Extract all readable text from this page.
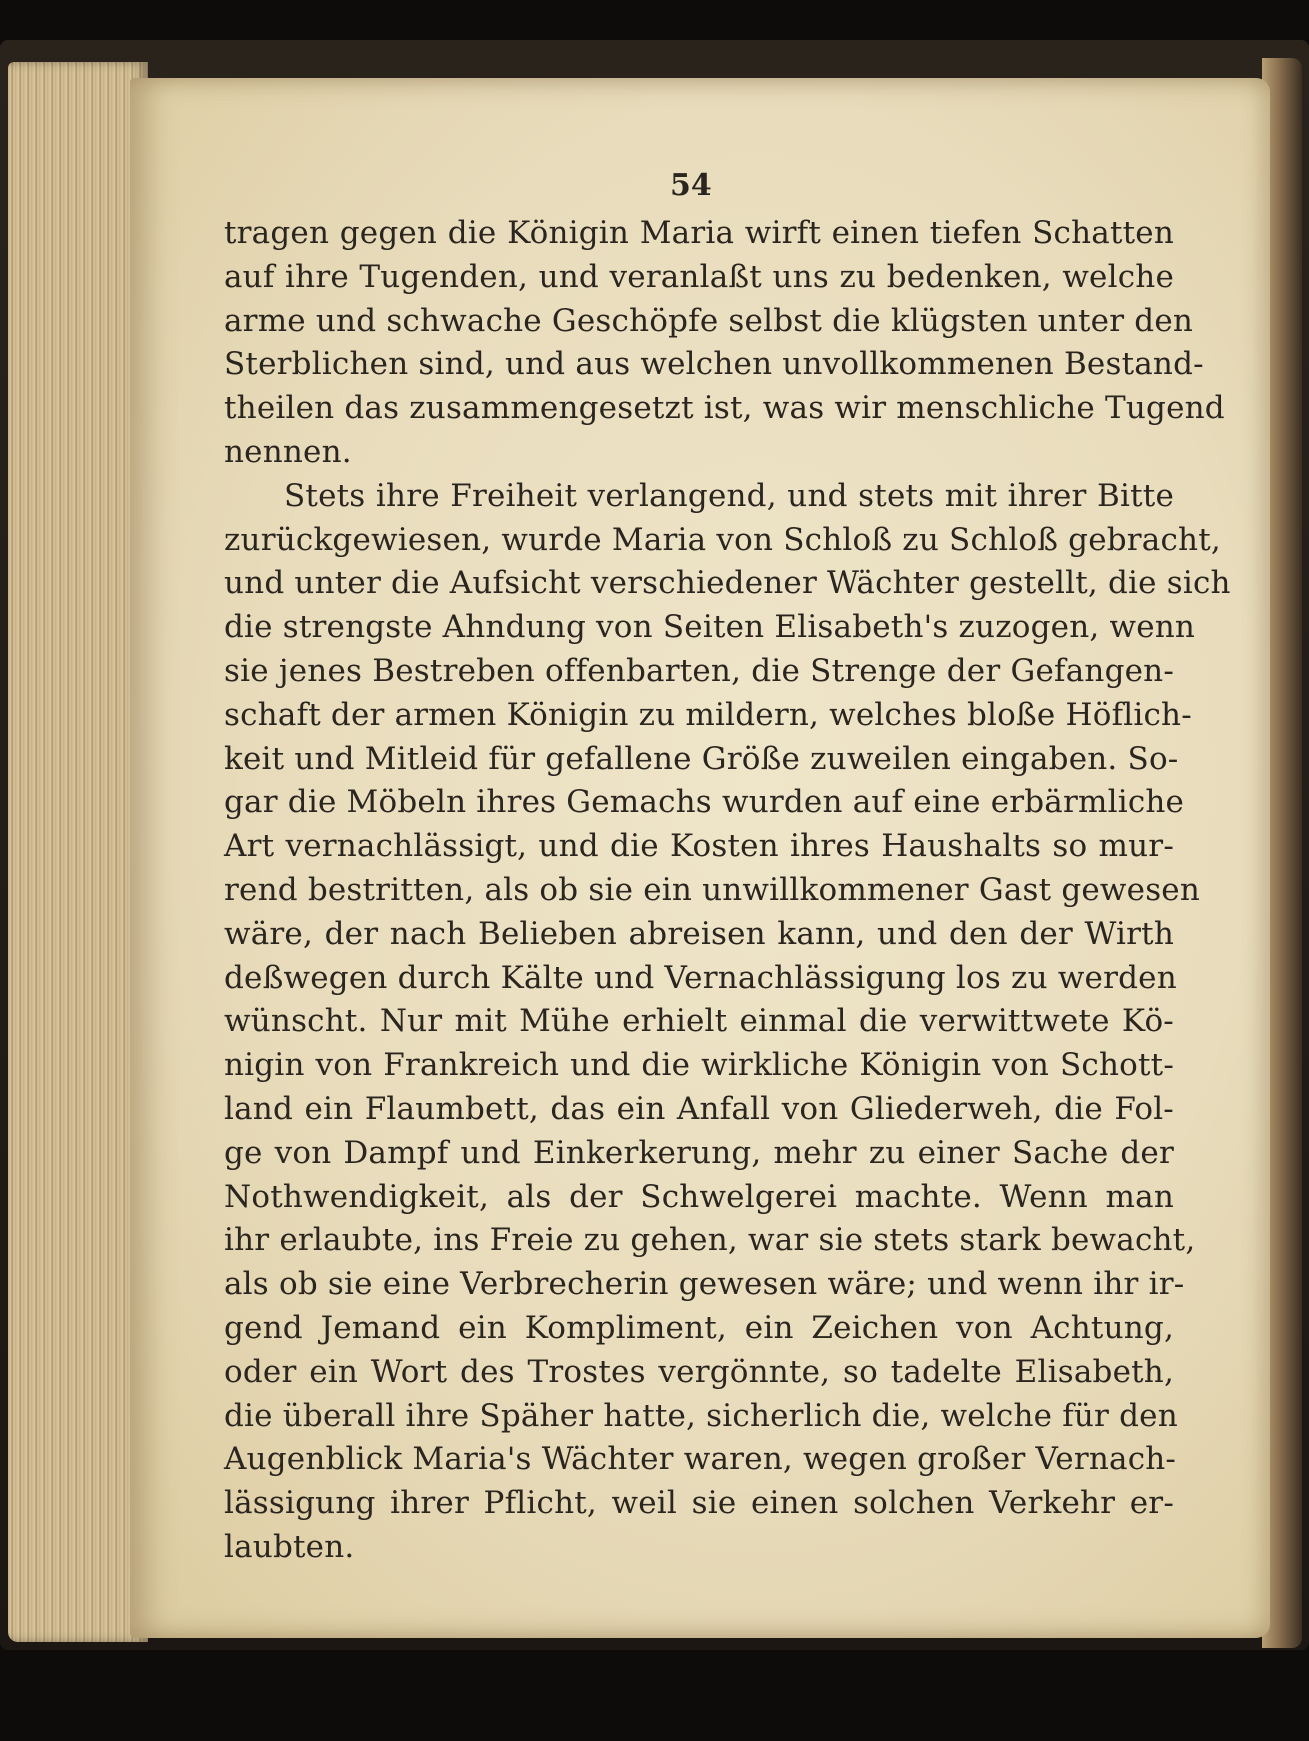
54
tragen gegen die Königin Maria wirft einen tiefen Schatten
auf ihre Tugenden, und veranlaßt uns zu bedenken, welche
arme und schwache Geschöpfe selbst die klügsten unter den
Sterblichen sind, und aus welchen unvollkommenen Bestand-
theilen das zusammengesetzt ist, was wir menschliche Tugend
nennen.
Stets ihre Freiheit verlangend, und stets mit ihrer Bitte
zurückgewiesen, wurde Maria von Schloß zu Schloß gebracht,
und unter die Aufsicht verschiedener Wächter gestellt, die sich
die strengste Ahndung von Seiten Elisabeth's zuzogen, wenn
sie jenes Bestreben offenbarten, die Strenge der Gefangen-
schaft der armen Königin zu mildern, welches bloße Höflich-
keit und Mitleid für gefallene Größe zuweilen eingaben. So-
gar die Möbeln ihres Gemachs wurden auf eine erbärmliche
Art vernachlässigt, und die Kosten ihres Haushalts so mur-
rend bestritten, als ob sie ein unwillkommener Gast gewesen
wäre, der nach Belieben abreisen kann, und den der Wirth
deßwegen durch Kälte und Vernachlässigung los zu werden
wünscht. Nur mit Mühe erhielt einmal die verwittwete Kö-
nigin von Frankreich und die wirkliche Königin von Schott-
land ein Flaumbett, das ein Anfall von Gliederweh, die Fol-
ge von Dampf und Einkerkerung, mehr zu einer Sache der
Nothwendigkeit, als der Schwelgerei machte. Wenn man
ihr erlaubte, ins Freie zu gehen, war sie stets stark bewacht,
als ob sie eine Verbrecherin gewesen wäre; und wenn ihr ir-
gend Jemand ein Kompliment, ein Zeichen von Achtung,
oder ein Wort des Trostes vergönnte, so tadelte Elisabeth,
die überall ihre Späher hatte, sicherlich die, welche für den
Augenblick Maria's Wächter waren, wegen großer Vernach-
lässigung ihrer Pflicht, weil sie einen solchen Verkehr er-
laubten.
